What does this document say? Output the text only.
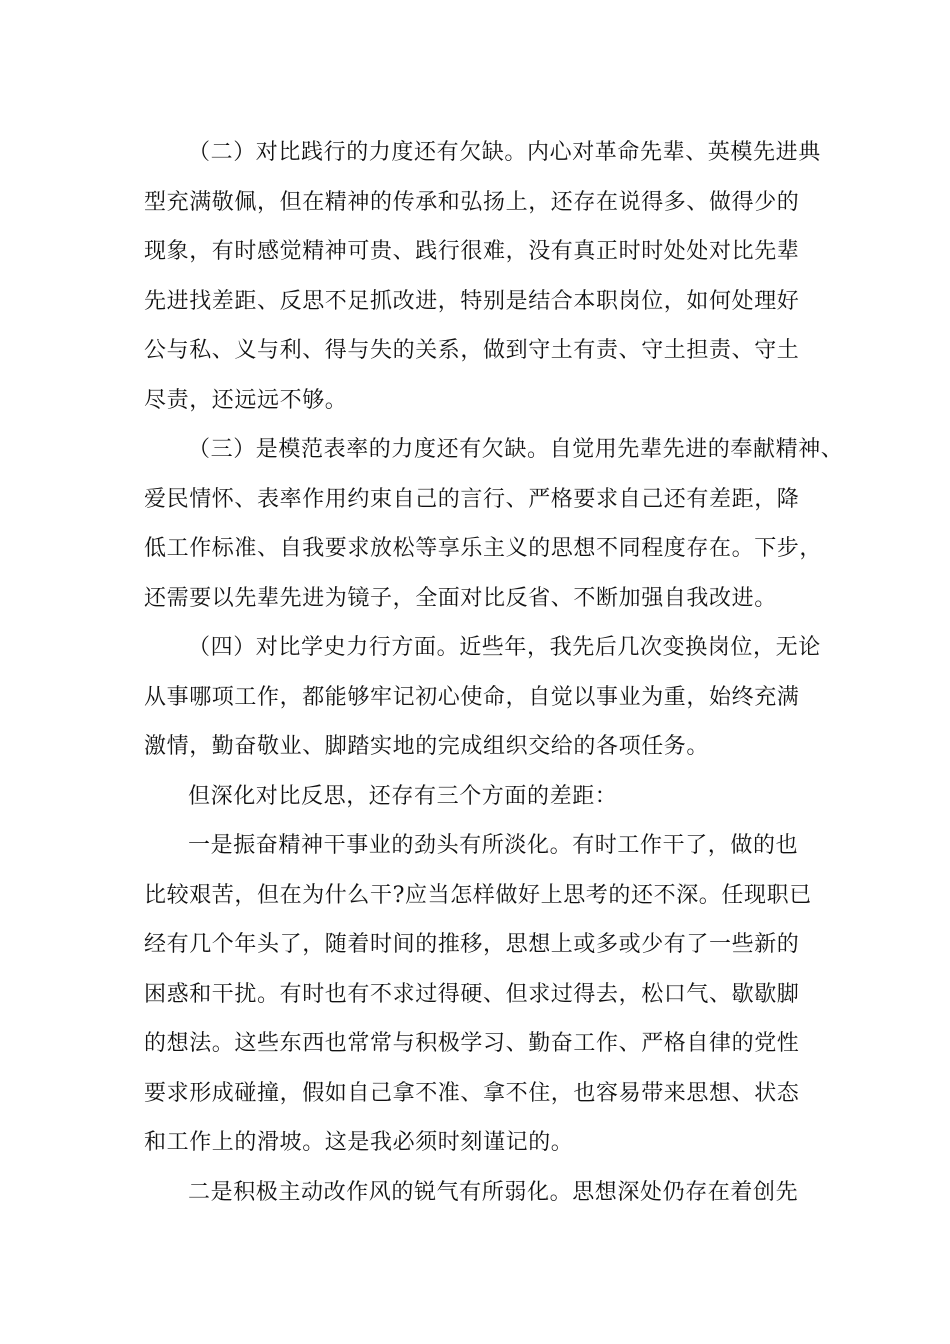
（二）对比践行的力度还有欠缺。内心对革命先辈、英模先进典
型充满敬佩，但在精神的传承和弘扬上，还存在说得多、做得少的
现象，有时感觉精神可贵、践行很难，没有真正时时处处对比先辈
先进找差距、反思不足抓改进，特别是结合本职岗位，如何处理好
公与私、义与利、得与失的关系，做到守土有责、守土担责、守土
尽责，还远远不够。
（三）是模范表率的力度还有欠缺。自觉用先辈先进的奉献精神、
爱民情怀、表率作用约束自己的言行、严格要求自己还有差距，降
低工作标准、自我要求放松等享乐主义的思想不同程度存在。下步，
还需要以先辈先进为镜子，全面对比反省、不断加强自我改进。
（四）对比学史力行方面。近些年，我先后几次变换岗位，无论
从事哪项工作，都能够牢记初心使命，自觉以事业为重，始终充满
激情，勤奋敬业、脚踏实地的完成组织交给的各项任务。
但深化对比反思，还存有三个方面的差距：
一是振奋精神干事业的劲头有所淡化。有时工作干了，做的也
比较艰苦，但在为什么干?应当怎样做好上思考的还不深。任现职已
经有几个年头了，随着时间的推移，思想上或多或少有了一些新的
困惑和干扰。有时也有不求过得硬、但求过得去，松口气、歇歇脚
的想法。这些东西也常常与积极学习、勤奋工作、严格自律的党性
要求形成碰撞，假如自己拿不准、拿不住，也容易带来思想、状态
和工作上的滑坡。这是我必须时刻谨记的。
二是积极主动改作风的锐气有所弱化。思想深处仍存在着创先
